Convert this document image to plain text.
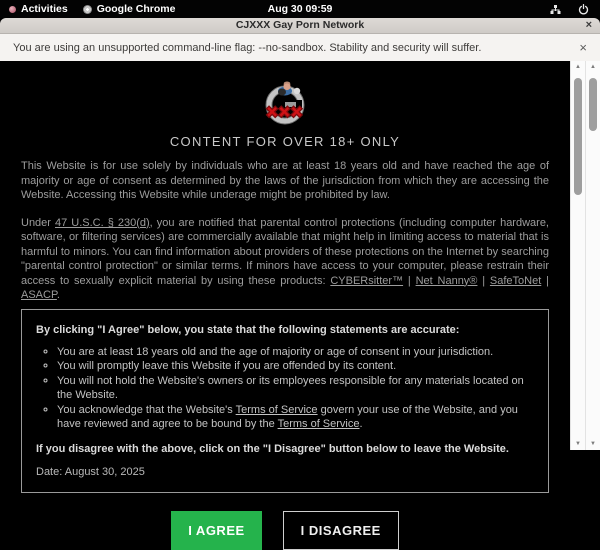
Activities	Google Chrome	Aug 30 09:59
CJXXX Gay Porn Network	×
You are using an unsupported command-line flag: --no-sandbox. Stability and security will suffer.	×
✖✖✖
CONTENT FOR OVER 18+ ONLY

This Website is for use solely by individuals who are at least 18 years old and have reached the age of majority or age of consent as determined by the laws of the jurisdiction from which they are accessing the Website. Accessing this Website while underage might be prohibited by law.

Under 47 U.S.C. § 230(d), you are notified that parental control protections (including computer hardware, software, or filtering services) are commercially available that might help in limiting access to material that is harmful to minors. You can find information about providers of these protections on the Internet by searching "parental control protection" or similar terms. If minors have access to your computer, please restrain their access to sexually explicit material by using these products: CYBERsitter™ | Net Nanny® | SafeToNet | ASACP.

By clicking "I Agree" below, you state that the following statements are accurate:

◦ You are at least 18 years old and the age of majority or age of consent in your jurisdiction.
◦ You will promptly leave this Website if you are offended by its content.
◦ You will not hold the Website's owners or its employees responsible for any materials located on the Website.
◦ You acknowledge that the Website's Terms of Service govern your use of the Website, and you have reviewed and agree to be bound by the Terms of Service.

If you disagree with the above, click on the "I Disagree" button below to leave the Website.

Date: August 30, 2025

I AGREE	I DISAGREE
▲
▼
▲
▼
